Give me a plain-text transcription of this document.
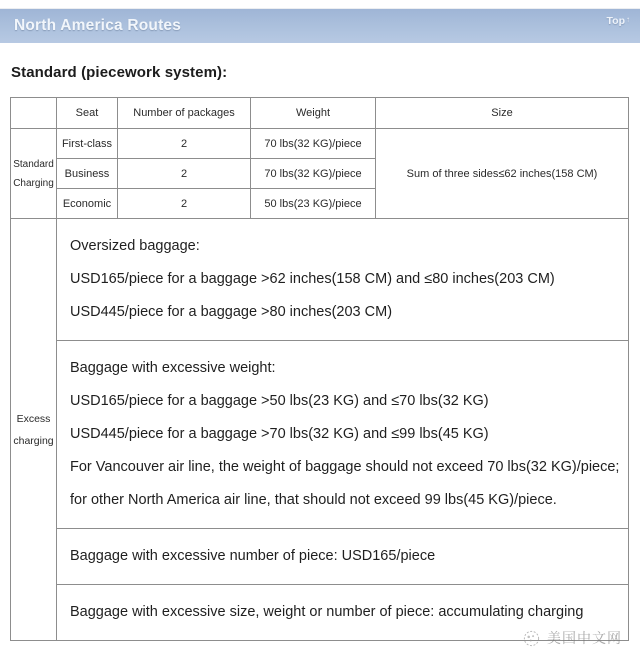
North America Routes	Top ↑
Standard (piecework system):
	Seat	Number of packages	Weight	Size

Standard
Charging	First-class	2	70 lbs(32 KG)/piece	Sum of three sides≤62 inches(158 CM)
	Business	2	70 lbs(32 KG)/piece	
	Economic	2	50 lbs(23 KG)/piece	

Excess
charging

Oversized baggage:

USD165/piece for a baggage >62 inches(158 CM) and ≤80 inches(203 CM)

USD445/piece for a baggage >80 inches(203 CM)

	Baggage with excessive weight:

USD165/piece for a baggage >50 lbs(23 KG) and ≤70 lbs(32 KG)

USD445/piece for a baggage >70 lbs(32 KG) and ≤99 lbs(45 KG)

For Vancouver air line, the weight of baggage should not exceed 70 lbs(32 KG)/piece; for other North America air line, that should not exceed 99 lbs(45 KG)/piece.			

	Baggage with excessive number of piece: USD165/piece			

	Baggage with excessive size, weight or number of piece: accumulating charging			

美国中文网
